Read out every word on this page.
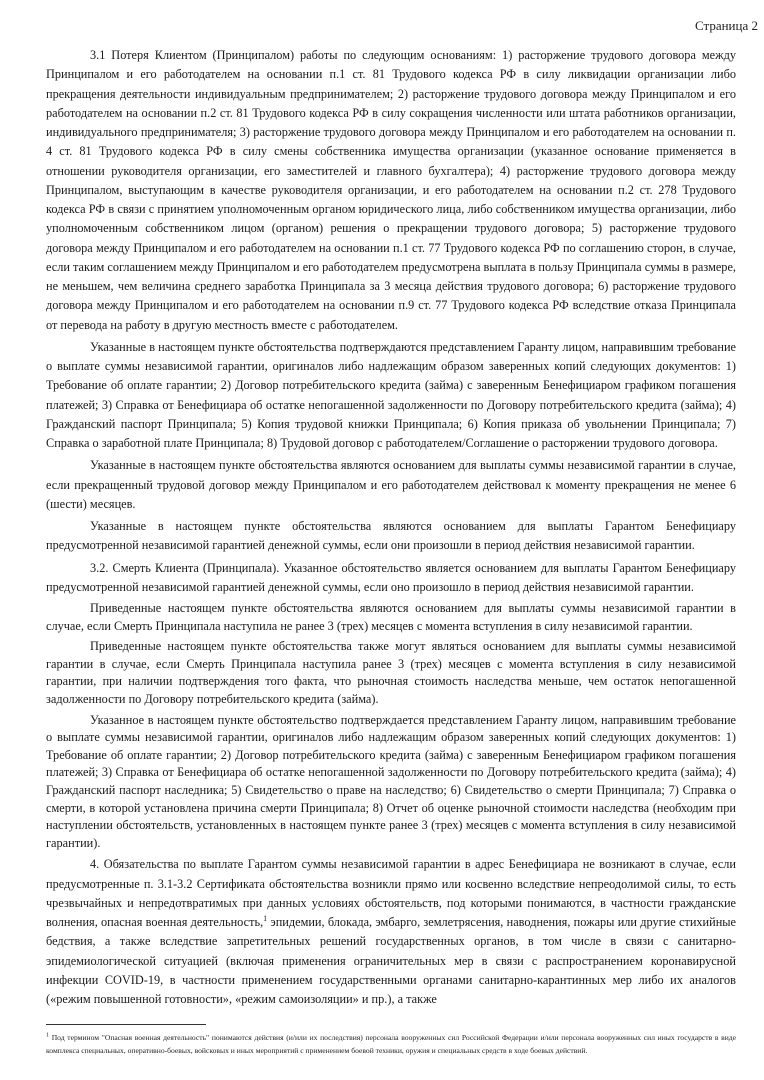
Страница 2

3.1 Потеря Клиентом (Принципалом) работы по следующим основаниям: 1) расторжение трудового договора между Принципалом и его работодателем на основании п.1 ст. 81 Трудового кодекса РФ в силу ликвидации организации либо прекращения деятельности индивидуальным предпринимателем; 2) расторжение трудового договора между Принципалом и его работодателем на основании п.2 ст. 81 Трудового кодекса РФ в силу сокращения численности или штата работников организации, индивидуального предпринимателя; 3) расторжение трудового договора между Принципалом и его работодателем на основании п. 4 ст. 81 Трудового кодекса РФ в силу смены собственника имущества организации (указанное основание применяется в отношении руководителя организации, его заместителей и главного бухгалтера); 4) расторжение трудового договора между Принципалом, выступающим в качестве руководителя организации, и его работодателем на основании п.2 ст. 278 Трудового кодекса РФ в связи с принятием уполномоченным органом юридического лица, либо собственником имущества организации, либо уполномоченным собственником лицом (органом) решения о прекращении трудового договора; 5) расторжение трудового договора между Принципалом и его работодателем на основании п.1 ст. 77 Трудового кодекса РФ по соглашению сторон, в случае, если таким соглашением между Принципалом и его работодателем предусмотрена выплата в пользу Принципала суммы в размере, не меньшем, чем величина среднего заработка Принципала за 3 месяца действия трудового договора; 6) расторжение трудового договора между Принципалом и его работодателем на основании п.9 ст. 77 Трудового кодекса РФ вследствие отказа Принципала от перевода на работу в другую местность вместе с работодателем.

Указанные в настоящем пункте обстоятельства подтверждаются представлением Гаранту лицом, направившим требование о выплате суммы независимой гарантии, оригиналов либо надлежащим образом заверенных копий следующих документов: 1) Требование об оплате гарантии; 2) Договор потребительского кредита (займа) с заверенным Бенефициаром графиком погашения платежей; 3) Справка от Бенефициара об остатке непогашенной задолженности по Договору потребительского кредита (займа); 4) Гражданский паспорт Принципала; 5) Копия трудовой книжки Принципала; 6) Копия приказа об увольнении Принципала; 7) Справка о заработной плате Принципала; 8) Трудовой договор с работодателем/Соглашение о расторжении трудового договора.

Указанные в настоящем пункте обстоятельства являются основанием для выплаты суммы независимой гарантии в случае, если прекращенный трудовой договор между Принципалом и его работодателем действовал к моменту прекращения не менее 6 (шести) месяцев.

Указанные в настоящем пункте обстоятельства являются основанием для выплаты Гарантом Бенефициару предусмотренной независимой гарантией денежной суммы, если они произошли в период действия независимой гарантии.

3.2. Смерть Клиента (Принципала). Указанное обстоятельство является основанием для выплаты Гарантом Бенефициару предусмотренной независимой гарантией денежной суммы, если оно произошло в период действия независимой гарантии.

Приведенные настоящем пункте обстоятельства являются основанием для выплаты суммы независимой гарантии в случае, если Смерть Принципала наступила не ранее 3 (трех) месяцев с момента вступления в силу независимой гарантии.

Приведенные настоящем пункте обстоятельства также могут являться основанием для выплаты суммы независимой гарантии в случае, если Смерть Принципала наступила ранее 3 (трех) месяцев с момента вступления в силу независимой гарантии, при наличии подтверждения того факта, что рыночная стоимость наследства меньше, чем остаток непогашенной задолженности по Договору потребительского кредита (займа).

Указанное в настоящем пункте обстоятельство подтверждается представлением Гаранту лицом, направившим требование о выплате суммы независимой гарантии, оригиналов либо надлежащим образом заверенных копий следующих документов: 1) Требование об оплате гарантии; 2) Договор потребительского кредита (займа) с заверенным Бенефициаром графиком погашения платежей; 3) Справка от Бенефициара об остатке непогашенной задолженности по Договору потребительского кредита (займа); 4) Гражданский паспорт наследника; 5) Свидетельство о праве на наследство; 6) Свидетельство о смерти Принципала; 7) Справка о смерти, в которой установлена причина смерти Принципала; 8) Отчет об оценке рыночной стоимости наследства (необходим при наступлении обстоятельств, установленных в настоящем пункте ранее 3 (трех) месяцев с момента вступления в силу независимой гарантии).

4. Обязательства по выплате Гарантом суммы независимой гарантии в адрес Бенефициара не возникают в случае, если предусмотренные п. 3.1-3.2 Сертификата обстоятельства возникли прямо или косвенно вследствие непреодолимой силы, то есть чрезвычайных и непредотвратимых при данных условиях обстоятельств, под которыми понимаются, в частности гражданские волнения, опасная военная деятельность,$^1$ эпидемии, блокада, эмбарго, землетрясения, наводнения, пожары или другие стихийные бедствия, а также вследствие запретительных решений государственных органов, в том числе в связи с санитарно-эпидемиологической ситуацией (включая применения ограничительных мер в связи с распространением коронавирусной инфекции COVID-19, в частности применением государственными органами санитарно-карантинных мер либо их аналогов («режим повышенной готовности», «режим самоизоляции» и пр.), а также

$^1$ Под термином "Опасная военная деятельность" понимаются действия (и/или их последствия) персонала вооруженных сил Российской Федерации и/или персонала вооруженных сил иных государств в виде комплекса специальных, оперативно-боевых, войсковых и иных мероприятий с применением боевой техники, оружия и специальных средств в ходе боевых действий.
